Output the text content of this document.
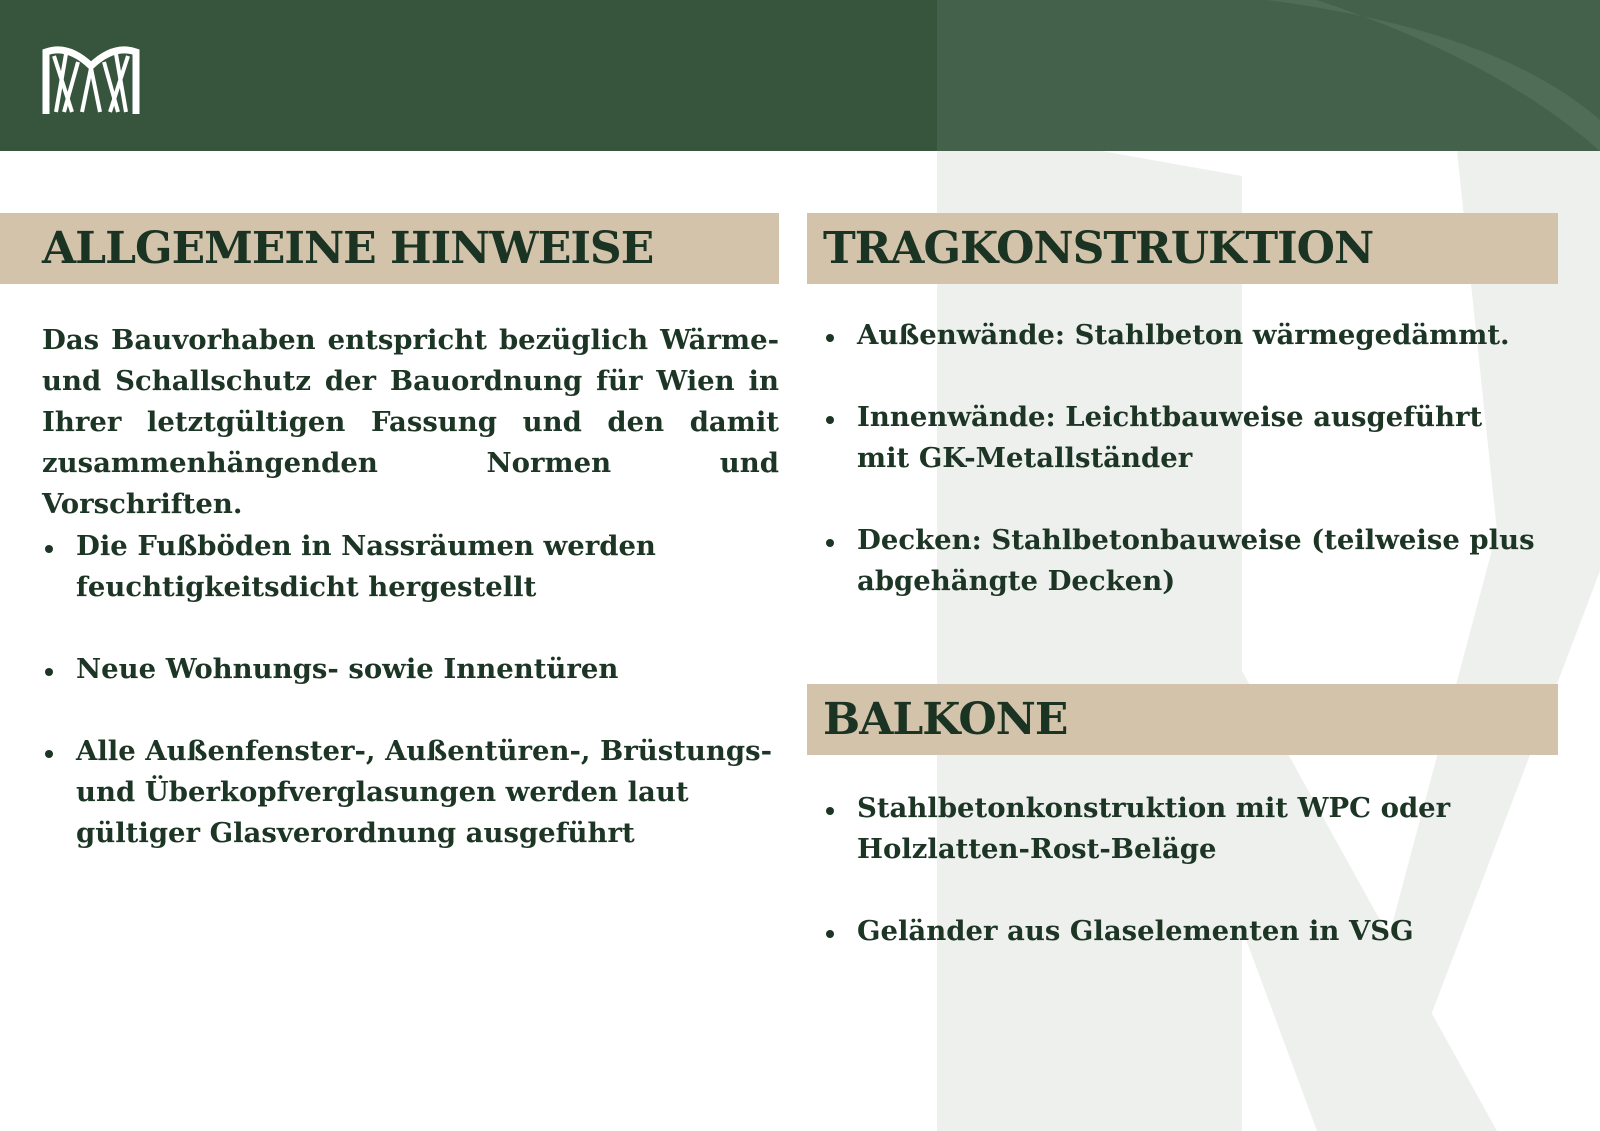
ALLGEMEINE HINWEISE

Das Bauvorhaben entspricht bezüglich Wärme- und Schallschutz der Bauordnung für Wien in Ihrer letztgültigen Fassung und den damit zusammenhängenden Normen und Vorschriften.

Die Fußböden in Nassräumen werden feuchtigkeitsdicht hergestellt
Neue Wohnungs- sowie Innentüren
Alle Außenfenster-, Außentüren-, Brüstungs- und Überkopfverglasungen werden laut gültiger Glasverordnung ausgeführt
TRAGKONSTRUKTION
Außenwände: Stahlbeton wärmegedämmt.
Innenwände: Leichtbauweise ausgeführt mit GK-Metallständer
Decken: Stahlbetonbauweise (teilweise plus abgehängte Decken)
BALKONE
Stahlbetonkonstruktion mit WPC oder Holzlatten-Rost-Beläge
Geländer aus Glaselementen in VSG
